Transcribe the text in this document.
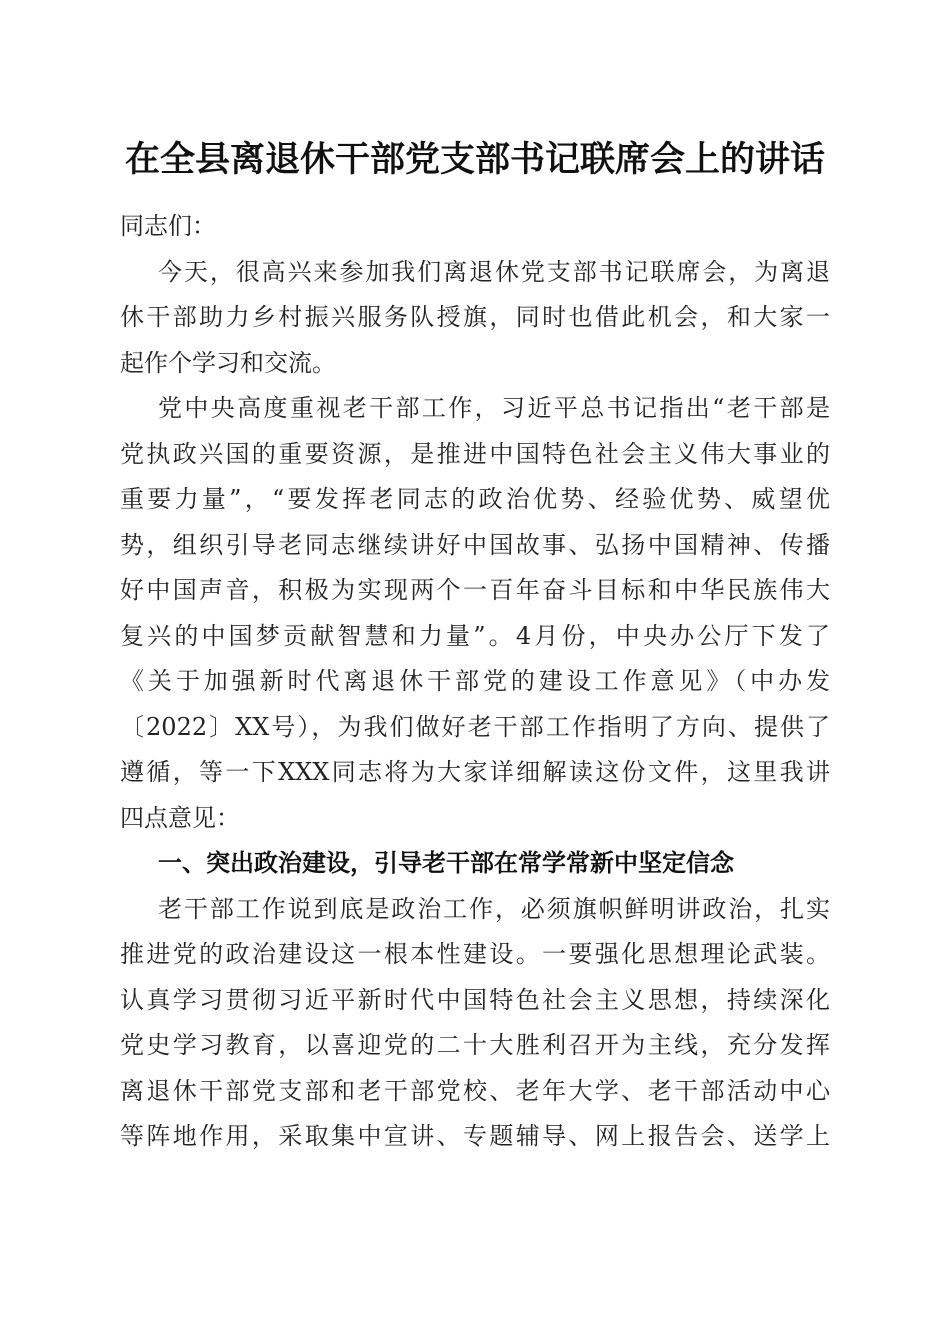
在全县离退休干部党支部书记联席会上的讲话
同志们：
今天，很高兴来参加我们离退休党支部书记联席会，为离退
休干部助力乡村振兴服务队授旗，同时也借此机会，和大家一
起作个学习和交流。
党中央高度重视老干部工作，习近平总书记指出“老干部是
党执政兴国的重要资源，是推进中国特色社会主义伟大事业的
重要力量”，“要发挥老同志的政治优势、经验优势、威望优
势，组织引导老同志继续讲好中国故事、弘扬中国精神、传播
好中国声音，积极为实现两个一百年奋斗目标和中华民族伟大
复兴的中国梦贡献智慧和力量”。4月份，中央办公厅下发了
《关于加强新时代离退休干部党的建设工作意见》（中办发
〔2022〕XX号），为我们做好老干部工作指明了方向、提供了
遵循，等一下XXX同志将为大家详细解读这份文件，这里我讲
四点意见：
一、突出政治建设，引导老干部在常学常新中坚定信念
老干部工作说到底是政治工作，必须旗帜鲜明讲政治，扎实
推进党的政治建设这一根本性建设。一要强化思想理论武装。
认真学习贯彻习近平新时代中国特色社会主义思想，持续深化
党史学习教育，以喜迎党的二十大胜利召开为主线，充分发挥
离退休干部党支部和老干部党校、老年大学、老干部活动中心
等阵地作用，采取集中宣讲、专题辅导、网上报告会、送学上
